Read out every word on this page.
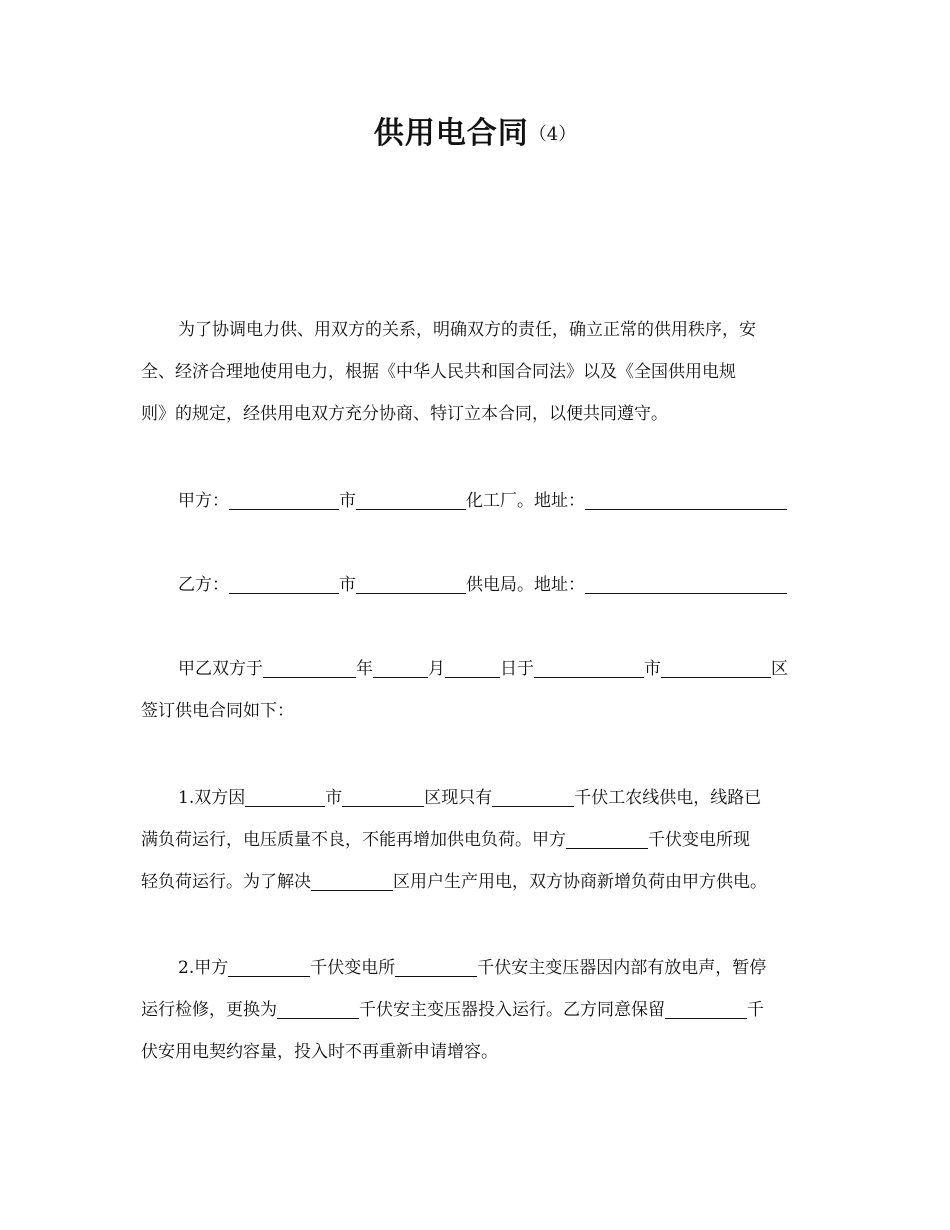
供用电合同（4）
为了协调电力供、用双方的关系，明确双方的责任，确立正常的供用秩序，安
全、经济合理地使用电力，根据《中华人民共和国合同法》以及《全国供用电规
则》的规定，经供用电双方充分协商、特订立本合同，以便共同遵守。
甲方：	市	化工厂。地址：
乙方：	市	供电局。地址：
甲乙双方于	年	月	日于	市	区
签订供电合同如下：
1.双方因	市	区现只有	千伏工农线供电，线路已
满负荷运行，电压质量不良，不能再增加供电负荷。甲方	千伏变电所现
轻负荷运行。为了解决	区用户生产用电，双方协商新增负荷由甲方供电。
2.甲方	千伏变电所	千伏安主变压器因内部有放电声，暂停
运行检修，更换为	千伏安主变压器投入运行。乙方同意保留	千
伏安用电契约容量，投入时不再重新申请增容。
